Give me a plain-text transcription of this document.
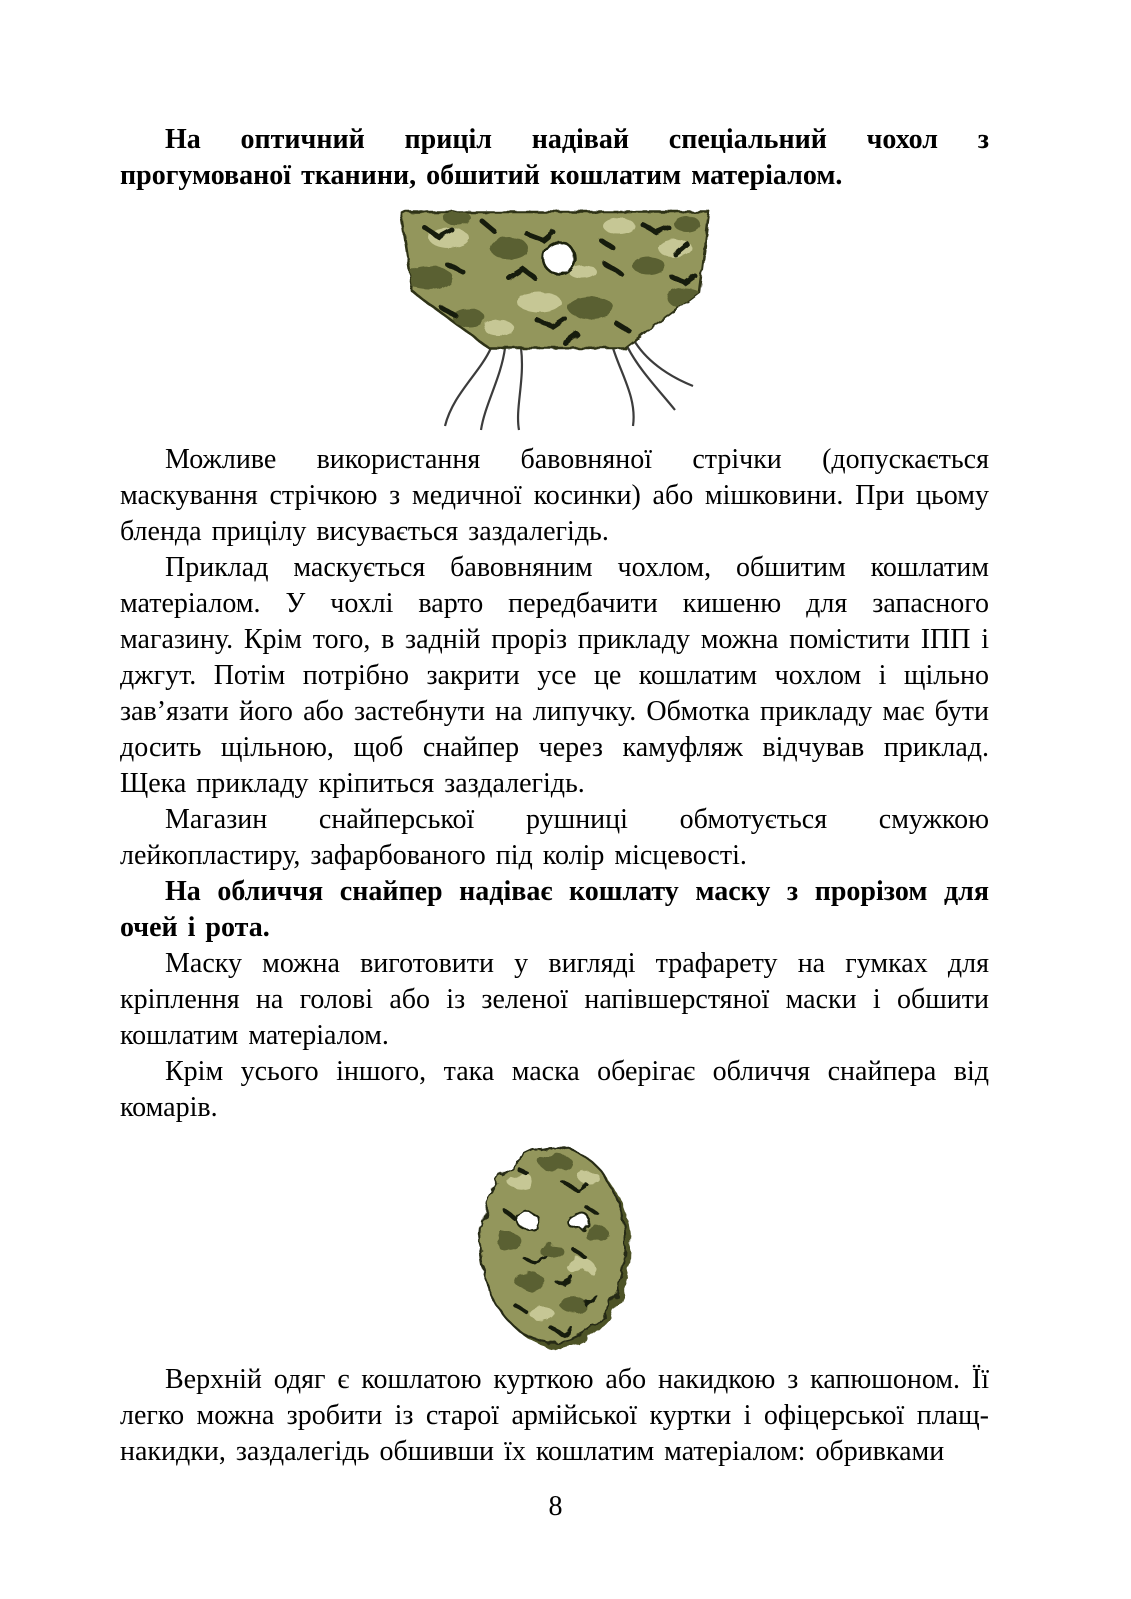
На оптичний приціл надівай спеціальний чохол з прогумованої тканини, обшитий кошлатим матеріалом.

Можливе використання бавовняної стрічки (допускається маскування стрічкою з медичної косинки) або мішковини. При цьому бленда прицілу висувається заздалегідь.

Приклад маскується бавовняним чохлом, обшитим кошлатим матеріалом. У чохлі варто передбачити кишеню для запасного магазину. Крім того, в задній проріз прикладу можна помістити ІПП і джгут. Потім потрібно закрити усе це кошлатим чохлом і щільно зав’язати його або застебнути на липучку. Обмотка прикладу має бути досить щільною, щоб снайпер через камуфляж відчував приклад. Щека прикладу кріпиться заздалегідь.

Магазин снайперської рушниці обмотується смужкою лейкопластиру, зафарбованого під колір місцевості.

На обличчя снайпер надіває кошлату маску з прорізом для очей і рота.

Маску можна виготовити у вигляді трафарету на гумках для кріплення на голові або із зеленої напівшерстяної маски і обшити кошлатим матеріалом.

Крім усього іншого, така маска оберігає обличчя снайпера від комарів.

Верхній одяг є кошлатою курткою або накидкою з капюшоном. Її легко можна зробити із старої армійської куртки і офіцерської плащ-накидки, заздалегідь обшивши їх кошлатим матеріалом: обривками

8
